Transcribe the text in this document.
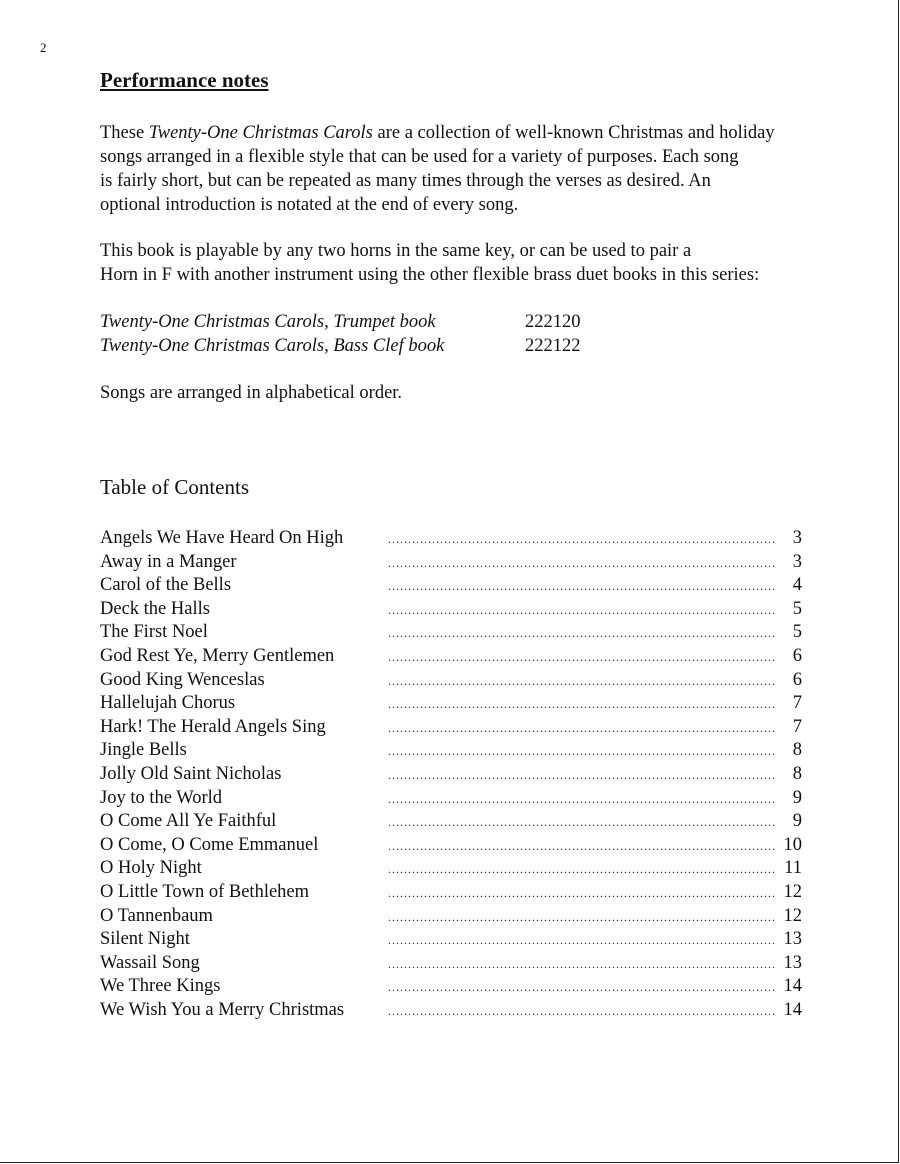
2
Performance notes
These Twenty-One Christmas Carols are a collection of well-known Christmas and holiday
songs arranged in a flexible style that can be used for a variety of purposes. Each song
is fairly short, but can be repeated as many times through the verses as desired. An
optional introduction is notated at the end of every song.
This book is playable by any two horns in the same key, or can be used to pair a
Horn in F with another instrument using the other flexible brass duet books in this series:
Twenty-One Christmas Carols, Trumpet book	222120
Twenty-One Christmas Carols, Bass Clef book	222122
Songs are arranged in alphabetical order.
Table of Contents
Angels We Have Heard On High .....	3
Away in a Manger .....	3
Carol of the Bells .....	4
Deck the Halls .....	5
The First Noel .....	5
God Rest Ye, Merry Gentlemen .....	6
Good King Wenceslas .....	6
Hallelujah Chorus .....	7
Hark! The Herald Angels Sing .....	7
Jingle Bells .....	8
Jolly Old Saint Nicholas .....	8
Joy to the World .....	9
O Come All Ye Faithful .....	9
O Come, O Come Emmanuel .....	10
O Holy Night .....	11
O Little Town of Bethlehem .....	12
O Tannenbaum .....	12
Silent Night .....	13
Wassail Song .....	13
We Three Kings .....	14
We Wish You a Merry Christmas .....	14
